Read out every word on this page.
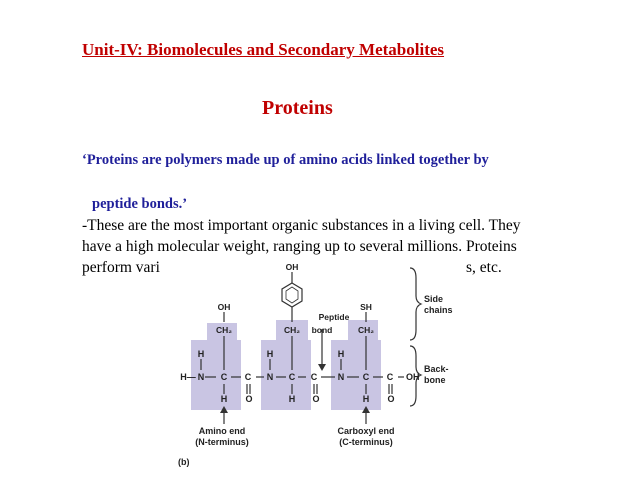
Unit-IV: Biomolecules and Secondary Metabolites
Proteins
‘Proteins are polymers made up of amino acids linked together by
peptide bonds.’
-These are the most important organic substances in a living cell. They
have a high molecular weight, ranging up to several millions. Proteins
perform vari	s, etc.
OH
OH	SH
CH₂	CH₂	CH₂
Peptide
bond
H	H	H
H— N C C N C C N C C OH
H O	H O	H O
Side
chains
Back-
bone
Amino end
(N-terminus)
Carboxyl end
(C-terminus)
(b)
